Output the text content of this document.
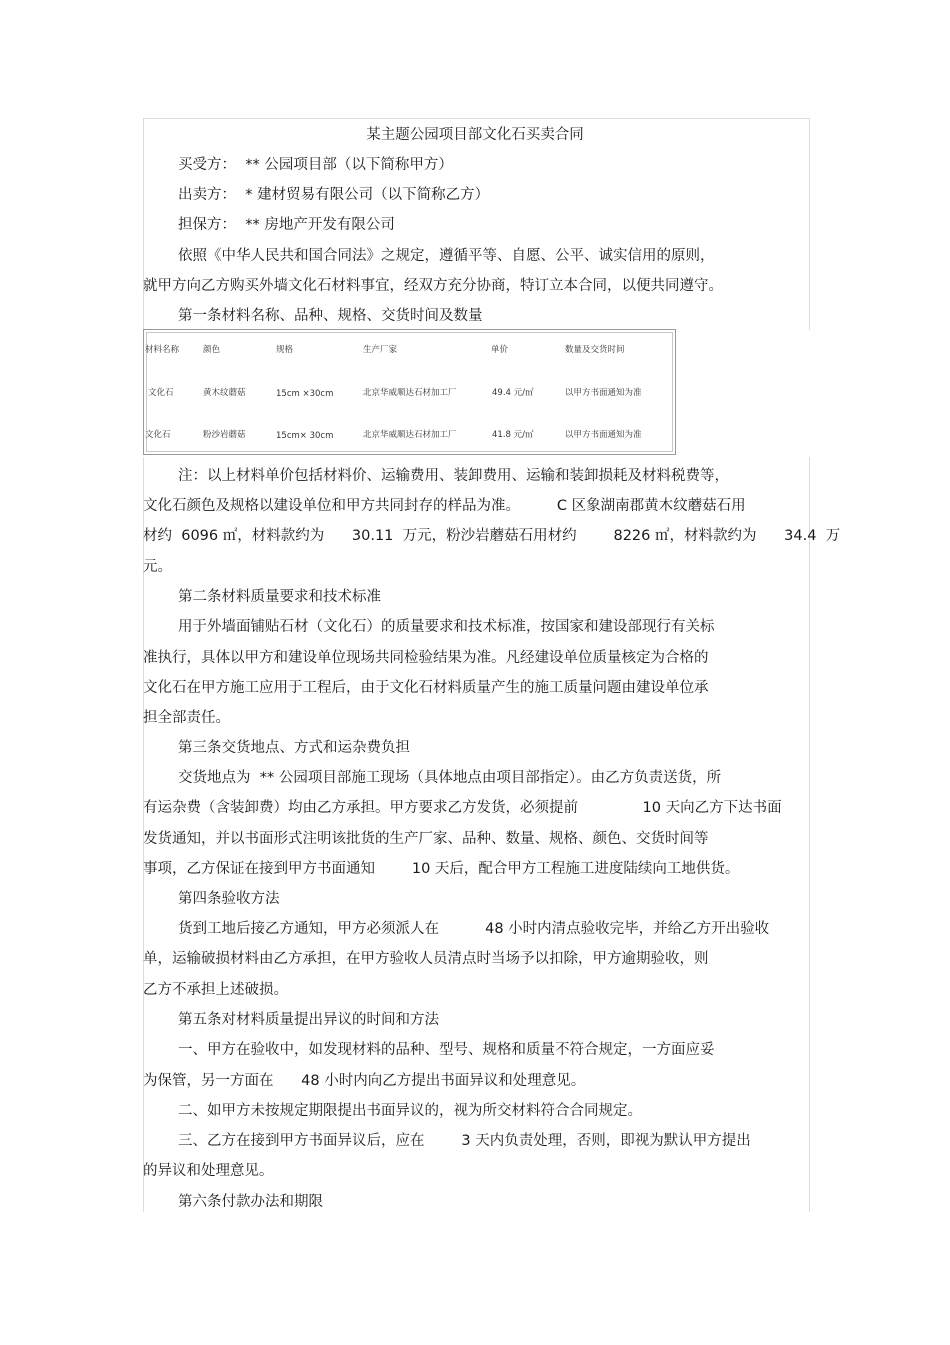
某主题公园项目部文化石买卖合同

买受方：  ** 公园项目部（以下简称甲方）

出卖方：  * 建材贸易有限公司（以下简称乙方）

担保方：  ** 房地产开发有限公司

依照《中华人民共和国合同法》之规定，遵循平等、自愿、公平、诚实信用的原则，

就甲方向乙方购买外墙文化石材料事宜，经双方充分协商，特订立本合同，以便共同遵守。

第一条材料名称、品种、规格、交货时间及数量

材料名称	颜色	规格	生产厂家	单价	数量及交货时间
文化石	黄木纹蘑菇	15cm ×30cm	北京华威顺达石材加工厂	49.4 元/㎡	以甲方书面通知为准
文化石	粉沙岩蘑菇	15cm× 30cm	北京华威顺达石材加工厂	41.8 元/㎡	以甲方书面通知为准

注：以上材料单价包括材料价、运输费用、装卸费用、运输和装卸损耗及材料税费等，

文化石颜色及规格以建设单位和甲方共同封存的样品为准。        C 区象湖南郡黄木纹蘑菇石用

材约  6096 ㎡，材料款约为      30.11  万元，粉沙岩蘑菇石用材约        8226 ㎡，材料款约为      34.4  万

元。

第二条材料质量要求和技术标准

用于外墙面铺贴石材（文化石）的质量要求和技术标准，按国家和建设部现行有关标

准执行，具体以甲方和建设单位现场共同检验结果为准。凡经建设单位质量核定为合格的

文化石在甲方施工应用于工程后，由于文化石材料质量产生的施工质量问题由建设单位承

担全部责任。

第三条交货地点、方式和运杂费负担

交货地点为  ** 公园项目部施工现场（具体地点由项目部指定）。由乙方负责送货，所

有运杂费（含装卸费）均由乙方承担。甲方要求乙方发货，必须提前              10 天向乙方下达书面

发货通知，并以书面形式注明该批货的生产厂家、品种、数量、规格、颜色、交货时间等

事项，乙方保证在接到甲方书面通知        10 天后，配合甲方工程施工进度陆续向工地供货。

第四条验收方法

货到工地后接乙方通知，甲方必须派人在          48 小时内清点验收完毕，并给乙方开出验收

单，运输破损材料由乙方承担，在甲方验收人员清点时当场予以扣除，甲方逾期验收，则

乙方不承担上述破损。

第五条对材料质量提出异议的时间和方法

一、甲方在验收中，如发现材料的品种、型号、规格和质量不符合规定，一方面应妥

为保管，另一方面在      48 小时内向乙方提出书面异议和处理意见。

二、如甲方未按规定期限提出书面异议的，视为所交材料符合合同规定。

三、乙方在接到甲方书面异议后，应在        3 天内负责处理，否则，即视为默认甲方提出

的异议和处理意见。

第六条付款办法和期限
